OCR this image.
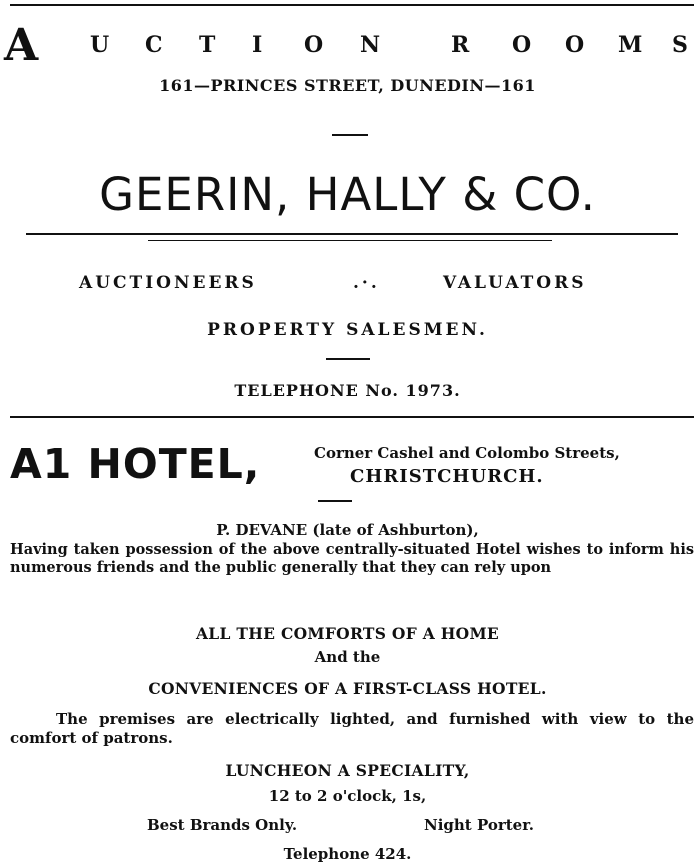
A U C T I O N	R O O M S
161—PRINCES STREET, DUNEDIN—161
GEERIN, HALLY & CO.
AUCTIONEERS	.·.	VALUATORS
PROPERTY SALESMEN.
TELEPHONE No. 1973.
A1 HOTEL,	Corner Cashel and Colombo Streets,
CHRISTCHURCH.
P. DEVANE (late of Ashburton),
Having taken possession of the above centrally-situated Hotel wishes to inform his numerous friends and the public generally that they can rely upon
ALL THE COMFORTS OF A HOME
And the
CONVENIENCES OF A FIRST-CLASS HOTEL.
The premises are electrically lighted, and furnished with view to the comfort of patrons.
LUNCHEON A SPECIALITY,
12 to 2 o'clock, 1s,
Best Brands Only.	Night Porter.
Telephone 424.
